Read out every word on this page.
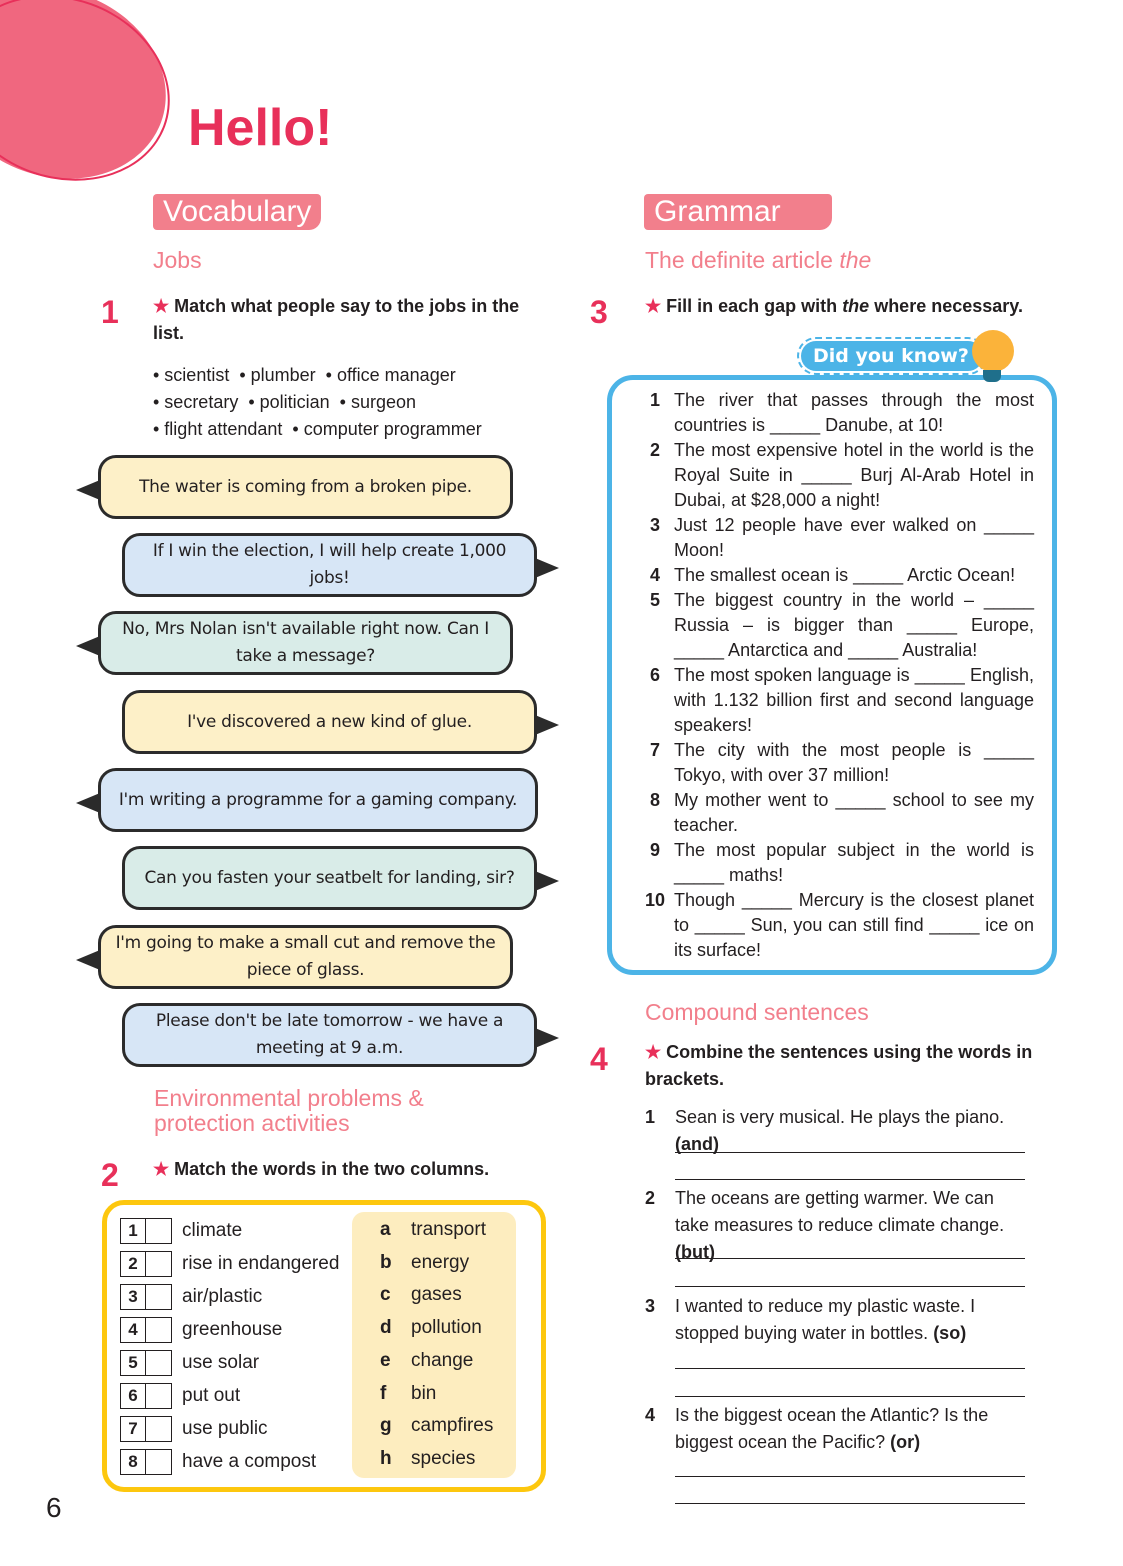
Hello!
Vocabulary
Jobs
1 ★ Match what people say to the jobs in the list.
• scientist  • plumber  • office manager
• secretary  • politician  • surgeon
• flight attendant  • computer programmer
The water is coming from a broken pipe.
If I win the election, I will help create 1,000 jobs!
No, Mrs Nolan isn't available right now. Can I take a message?
I've discovered a new kind of glue.
I'm writing a programme for a gaming company.
Can you fasten your seatbelt for landing, sir?
I'm going to make a small cut and remove the piece of glass.
Please don't be late tomorrow - we have a meeting at 9 a.m.
Environmental problems & protection activities
2 ★ Match the words in the two columns.
1	climate
2	rise in endangered
3	air/plastic
4	greenhouse
5	use solar
6	put out
7	use public
8	have a compost
a	transport
b	energy
c	gases
d	pollution
e	change
f	bin
g	campfires
h	species
Grammar
The definite article the
3 ★ Fill in each gap with the where necessary.
Did you know?
1 The river that passes through the most countries is _____ Danube, at 10!
2 The most expensive hotel in the world is the Royal Suite in _____ Burj Al-Arab Hotel in Dubai, at $28,000 a night!
3 Just 12 people have ever walked on _____ Moon!
4 The smallest ocean is _____ Arctic Ocean!
5 The biggest country in the world – _____ Russia – is bigger than _____ Europe, _____ Antarctica and _____ Australia!
6 The most spoken language is _____ English, with 1.132 billion first and second language speakers!
7 The city with the most people is _____ Tokyo, with over 37 million!
8 My mother went to _____ school to see my teacher.
9 The most popular subject in the world is _____ maths!
10 Though _____ Mercury is the closest planet to _____ Sun, you can still find _____ ice on its surface!
Compound sentences
4 ★ Combine the sentences using the words in brackets.
1	Sean is very musical. He plays the piano. (and)
2	The oceans are getting warmer. We can take measures to reduce climate change. (but)
3	I wanted to reduce my plastic waste. I stopped buying water in bottles. (so)
4	Is the biggest ocean the Atlantic? Is the biggest ocean the Pacific? (or)
6
